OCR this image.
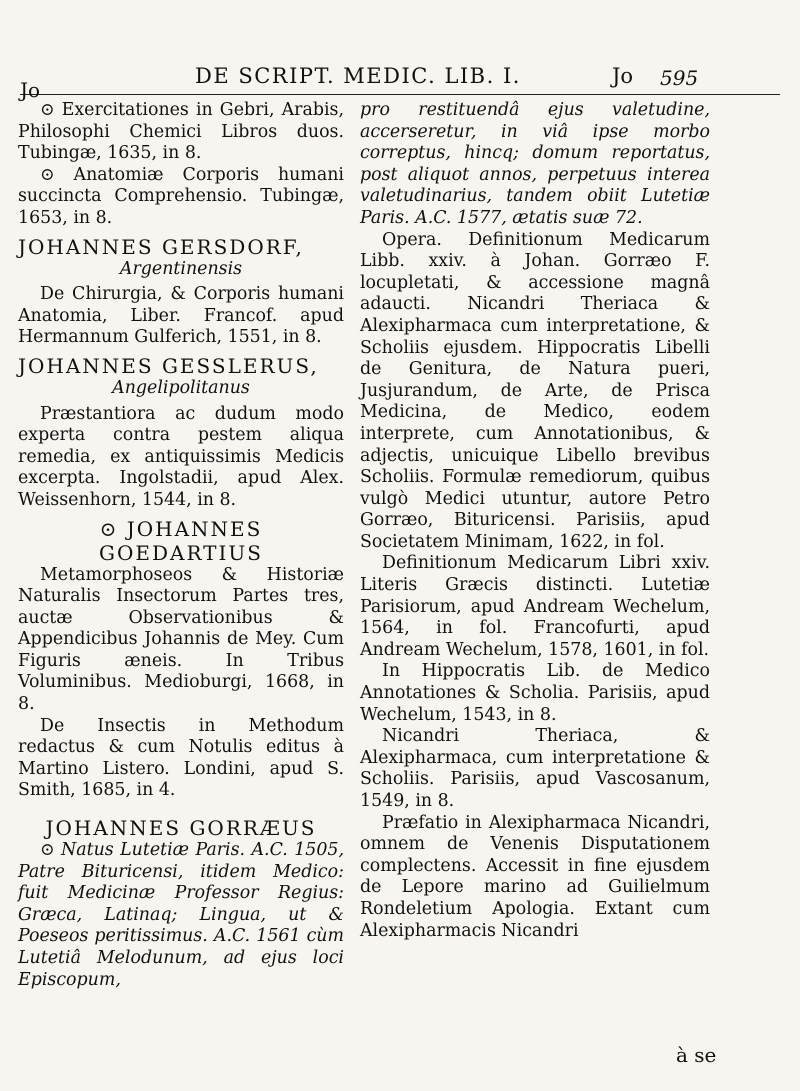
Jo
DE SCRIPT. MEDIC. LIB. I.	Jo 595

⊙ Exercitationes in Gebri, Arabis, Philosophi Chemici Libros duos. Tubingæ, 1635, in 8.

⊙ Anatomiæ Corporis humani succincta Comprehensio. Tubingæ, 1653, in 8.

JOHANNES GERSDORF,
Argentinensis

De Chirurgia, & Corporis humani Anatomia, Liber. Francof. apud Hermannum Gulferich, 1551, in 8.

JOHANNES GESSLERUS,
Angelipolitanus

Præstantiora ac dudum modo experta contra pestem aliqua remedia, ex antiquissimis Medicis excerpta. Ingolstadii, apud Alex. Weissenhorn, 1544, in 8.

⊙ JOHANNES GOEDARTIUS

Metamorphoseos & Historiæ Naturalis Insectorum Partes tres, auctæ Observationibus & Appendicibus Johannis de Mey. Cum Figuris æneis. In Tribus Voluminibus. Medioburgi, 1668, in 8.

De Insectis in Methodum redactus & cum Notulis editus à Martino Listero. Londini, apud S. Smith, 1685, in 4.

JOHANNES GORRÆUS

⊙ Natus Lutetiæ Paris. A.C. 1505, Patre Bituricensi, itidem Medico: fuit Medicinæ Professor Regius: Græca, Latinaq; Lingua, ut & Poeseos peritissimus. A.C. 1561 cùm Lutetiâ Melodunum, ad ejus loci Episcopum,

pro restituendâ ejus valetudine, accerseretur, in viâ ipse morbo correptus, hincq; domum reportatus, post aliquot annos, perpetuus interea valetudinarius, tandem obiit Lutetiæ Paris. A.C. 1577, ætatis suæ 72.

Opera. Definitionum Medicarum Libb. xxiv. à Johan. Gorræo F. locupletati, & accessione magnâ adaucti. Nicandri Theriaca & Alexipharmaca cum interpretatione, & Scholiis ejusdem. Hippocratis Libelli de Genitura, de Natura pueri, Jusjurandum, de Arte, de Prisca Medicina, de Medico, eodem interprete, cum Annotationibus, & adjectis, unicuique Libello brevibus Scholiis. Formulæ remediorum, quibus vulgò Medici utuntur, autore Petro Gorræo, Bituricensi. Parisiis, apud Societatem Minimam, 1622, in fol.

Definitionum Medicarum Libri xxiv. Literis Græcis distincti. Lutetiæ Parisiorum, apud Andream Wechelum, 1564, in fol. Francofurti, apud Andream Wechelum, 1578, 1601, in fol.

In Hippocratis Lib. de Medico Annotationes & Scholia. Parisiis, apud Wechelum, 1543, in 8.

Nicandri Theriaca, & Alexipharmaca, cum interpretatione & Scholiis. Parisiis, apud Vascosanum, 1549, in 8.

Præfatio in Alexipharmaca Nicandri, omnem de Venenis Disputationem complectens. Accessit in fine ejusdem de Lepore marino ad Guilielmum Rondeletium Apologia. Extant cum Alexipharmacis Nicandri

à se
